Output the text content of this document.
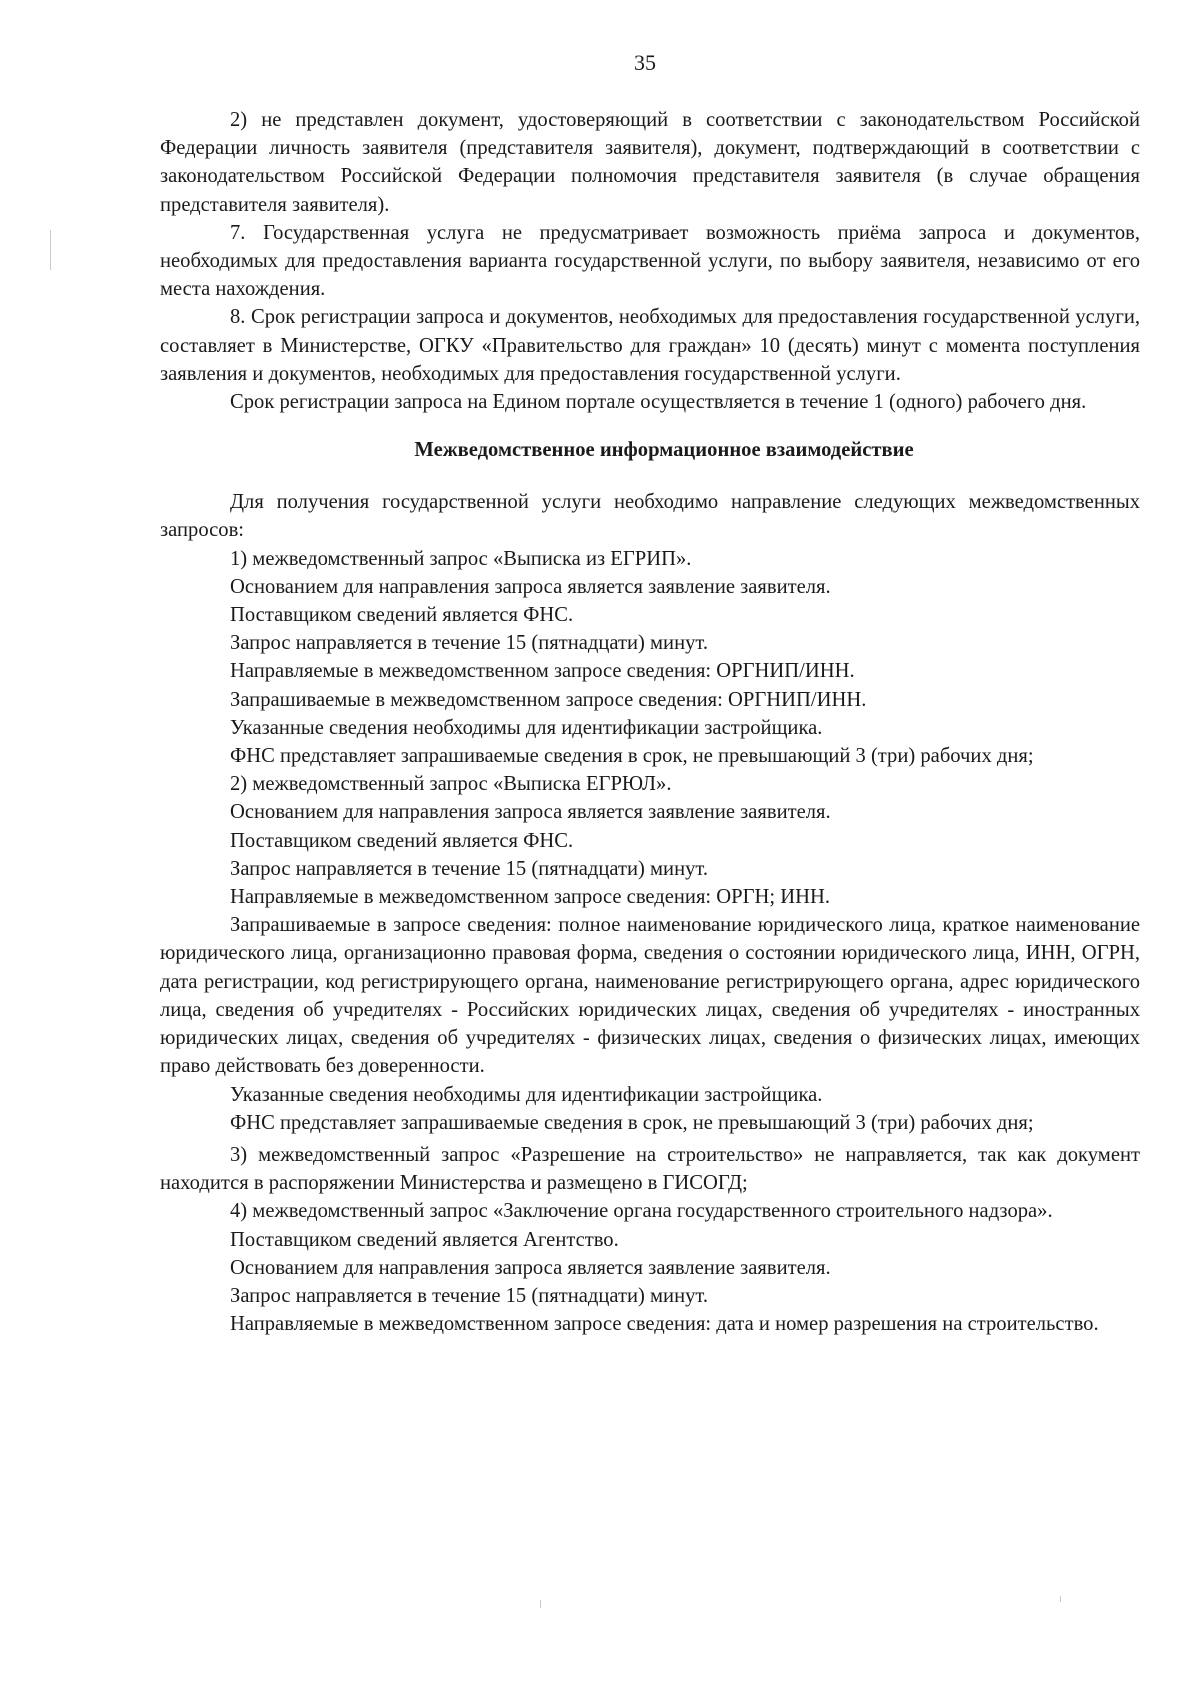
35

2) не представлен документ, удостоверяющий в соответствии с законодательством Российской Федерации личность заявителя (представителя заявителя), документ, подтверждающий в соответствии с законодательством Российской Федерации полномочия представителя заявителя (в случае обращения представителя заявителя).

7. Государственная услуга не предусматривает возможность приёма запроса и документов, необходимых для предоставления варианта государственной услуги, по выбору заявителя, независимо от его места нахождения.

8. Срок регистрации запроса и документов, необходимых для предоставления государственной услуги, составляет в Министерстве, ОГКУ «Правительство для граждан» 10 (десять) минут с момента поступления заявления и документов, необходимых для предоставления государственной услуги.

Срок регистрации запроса на Едином портале осуществляется в течение 1 (одного) рабочего дня.

Межведомственное информационное взаимодействие

Для получения государственной услуги необходимо направление следующих межведомственных запросов:

1) межведомственный запрос «Выписка из ЕГРИП».

Основанием для направления запроса является заявление заявителя.

Поставщиком сведений является ФНС.

Запрос направляется в течение 15 (пятнадцати) минут.

Направляемые в межведомственном запросе сведения: ОРГНИП/ИНН.

Запрашиваемые в межведомственном запросе сведения: ОРГНИП/ИНН.

Указанные сведения необходимы для идентификации застройщика.

ФНС представляет запрашиваемые сведения в срок, не превышающий 3 (три) рабочих дня;

2) межведомственный запрос «Выписка ЕГРЮЛ».

Основанием для направления запроса является заявление заявителя.

Поставщиком сведений является ФНС.

Запрос направляется в течение 15 (пятнадцати) минут.

Направляемые в межведомственном запросе сведения: ОРГН; ИНН.

Запрашиваемые в запросе сведения: полное наименование юридического лица, краткое наименование юридического лица, организационно правовая форма, сведения о состоянии юридического лица, ИНН, ОГРН, дата регистрации, код регистрирующего органа, наименование регистрирующего органа, адрес юридического лица, сведения об учредителях - Российских юридических лицах, сведения об учредителях - иностранных юридических лицах, сведения об учредителях - физических лицах, сведения о физических лицах, имеющих право действовать без доверенности.

Указанные сведения необходимы для идентификации застройщика.

ФНС представляет запрашиваемые сведения в срок, не превышающий 3 (три) рабочих дня;

3) межведомственный запрос «Разрешение на строительство» не направляется, так как документ находится в распоряжении Министерства и размещено в ГИСОГД;

4) межведомственный запрос «Заключение органа государственного строительного надзора».

Поставщиком сведений является Агентство.

Основанием для направления запроса является заявление заявителя.

Запрос направляется в течение 15 (пятнадцати) минут.

Направляемые в межведомственном запросе сведения: дата и номер разрешения на строительство.
